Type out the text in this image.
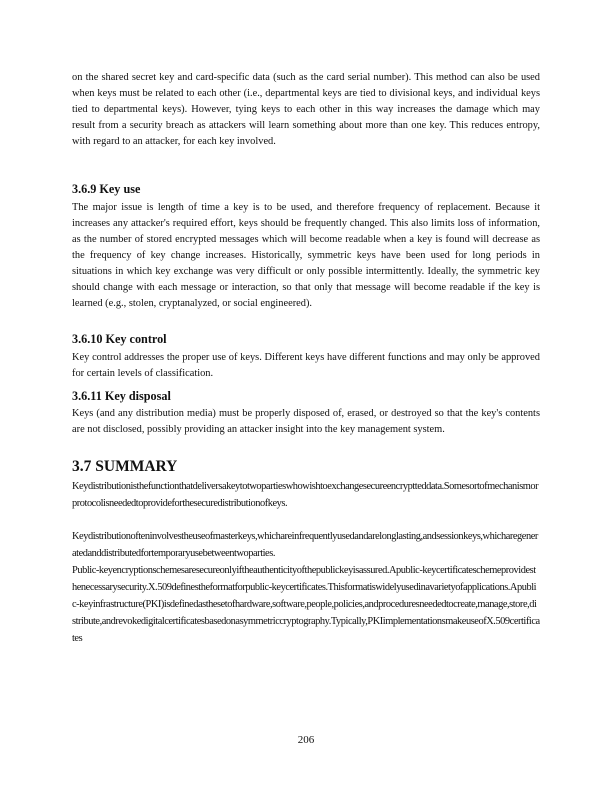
on the shared secret key and card-specific data (such as the card serial number). This method can also be used when keys must be related to each other (i.e., departmental keys are tied to divisional keys, and individual keys tied to departmental keys). However, tying keys to each other in this way increases the damage which may result from a security breach as attackers will learn something about more than one key. This reduces entropy, with regard to an attacker, for each key involved.

3.6.9 Key use

The major issue is length of time a key is to be used, and therefore frequency of replacement. Because it increases any attacker's required effort, keys should be frequently changed. This also limits loss of information, as the number of stored encrypted messages which will become readable when a key is found will decrease as the frequency of key change increases. Historically, symmetric keys have been used for long periods in situations in which key exchange was very difficult or only possible intermittently. Ideally, the symmetric key should change with each message or interaction, so that only that message will become readable if the key is learned (e.g., stolen, cryptanalyzed, or social engineered).

3.6.10 Key control

Key control addresses the proper use of keys. Different keys have different functions and may only be approved for certain levels of classification.

3.6.11 Key disposal

Keys (and any distribution media) must be properly disposed of, erased, or destroyed so that the key's contents are not disclosed, possibly providing an attacker insight into the key management system.

3.7 SUMMARY

Keydistributionisthefunctionthatdeliversakeytotwopartieswhowishtoexchangesecureencryptteddata.Somesortofmechanismorprotocolisneededtoprovideforthesecuredistributionofkeys.

Keydistributionofteninvolvestheuseofmasterkeys,whichareinfrequentlyusedandarelonglasting,andsessionkeys,whicharegeneratedanddistributedfortemporaryusebetweentwoparties.

Public-keyencryptionschemesaresecureonlyiftheauthenticityofthepublickeyisassured.Apublic-keycertificateschemeprovidesthenecessarysecurity.X.509definestheformatforpublic-keycertificates.Thisformatiswidelyusedinavarietyofapplications.Apublic-keyinfrastructure(PKI)isdefinedasthesetofhardware,software,people,policies,andproceduresneededtocreate,manage,store,distribute,andrevokedigitalcertificatesbasedonasymmetriccryptography.Typically,PKIimplementationsmakeuseofX.509certificates

206
